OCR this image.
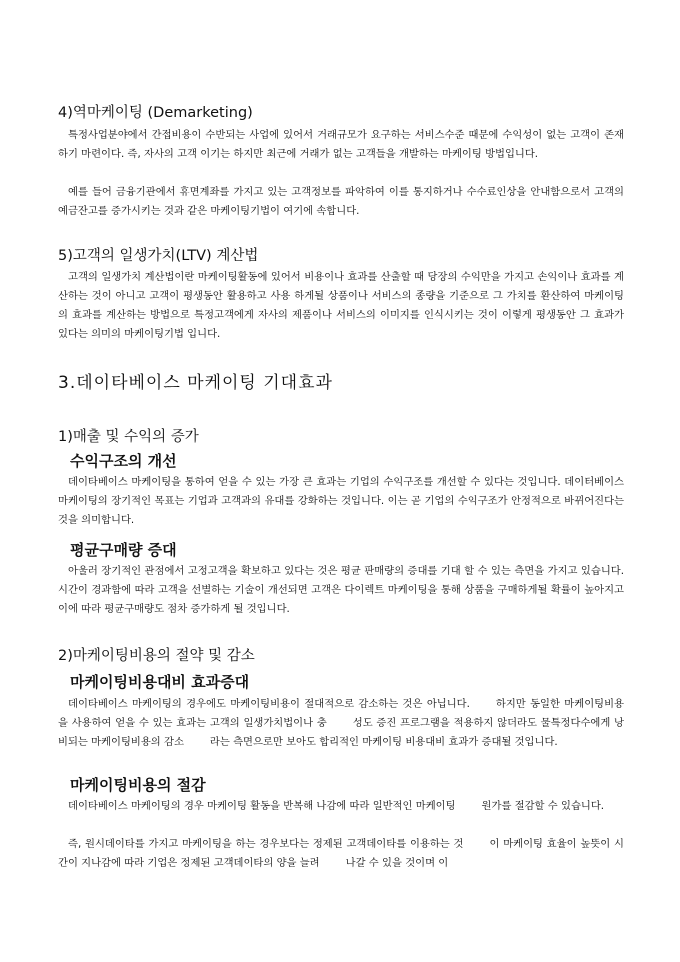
4)역마케이팅 (Demarketing)

특정사업분야에서 간접비용이 수반되는 사업에 있어서 거래규모가 요구하는 서비스수준 때문에 수익성이 없는 고객이 존재하기 마련이다. 즉, 자사의 고객 이기는 하지만 최근에 거래가 없는 고객들을 개발하는 마케이팅 방법입니다.

예를 들어 금융기관에서 휴면계좌를 가지고 있는 고객정보를 파악하여 이를 통지하거나 수수료인상을 안내함으로서 고객의 예금잔고를 증가시키는 것과 같은 마케이팅기법이 여기에 속합니다.

5)고객의 일생가치(LTV) 계산법

고객의 일생가치 계산법이란 마케이팅활동에 있어서 비용이나 효과를 산출할 때 당장의 수익만을 가지고 손익이나 효과를 계산하는 것이 아니고 고객이 평생동안 활용하고 사용 하게될 상품이나 서비스의 종량을 기준으로 그 가치를 환산하여 마케이팅의 효과를 계산하는 방법으로 특정고객에게 자사의 제품이나 서비스의 이미지를 인식시키는 것이 이렇게 평생동안 그 효과가 있다는 의미의 마케이팅기법 입니다.

3.데이타베이스 마케이팅 기대효과
1)매출 및 수익의 증가
수익구조의 개선

데이타베이스 마케이팅을 통하여 얻을 수 있는 가장 큰 효과는 기업의 수익구조를 개선할 수 있다는 것입니다. 데이터베이스 마케이팅의 장기적인 목표는 기업과 고객과의 유대를 강화하는 것입니다. 이는 곧 기업의 수익구조가 안정적으로 바뀌어진다는 것을 의미합니다.

평균구매량 증대

아울러 장기적인 관점에서 고정고객을 확보하고 있다는 것은 평균 판매량의 증대를 기대 할 수 있는 측면을 가지고 있습니다. 시간이 경과함에 따라 고객을 선별하는 기술이 개선되면 고객은 다이렉트 마케이팅을 통해 상품을 구매하게될 확률이 높아지고 이에 따라 평균구매량도 점차 증가하게 될 것입니다.

2)마케이팅비용의 절약 및 감소
마케이팅비용대비 효과증대

데이타베이스 마케이팅의 경우에도 마케이팅비용이 절대적으로 감소하는 것은 아닙니다.	하지만 동일한 마케이팅비용을 사용하여 얻을 수 있는 효과는 고객의 일생가치법이나 충	성도 증진 프로그램을 적용하지 않더라도 물특정다수에게 낭비되는 마케이팅비용의 감소	라는 측면으로만 보아도 합리적인 마케이팅 비용대비 효과가 증대될 것입니다.

마케이팅비용의 절감

데이타베이스 마케이팅의 경우 마케이팅 활동을 반복해 나감에 따라 일반적인 마케이팅	원가를 절감할 수 있습니다.

즉, 원시데이타를 가지고 마케이팅을 하는 경우보다는 정제된 고객데이타를 이용하는 것	이 마케이팅 효율이 높뜻이 시간이 지나감에 따라 기업은 정제된 고객데이타의 양을 늘려	나갈 수 있을 것이며 이
